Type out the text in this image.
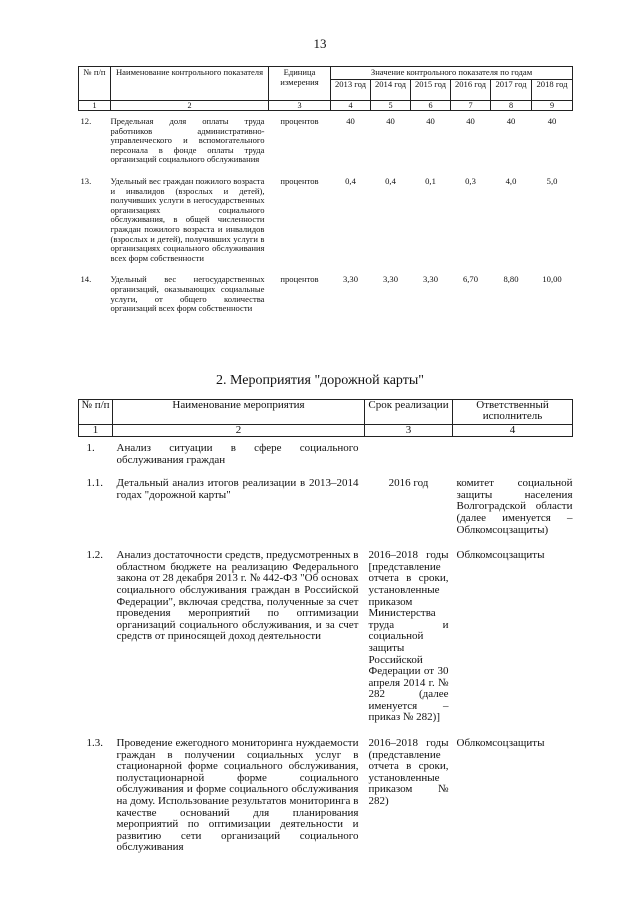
13
№ п/п	Наименование контрольного показателя	Единица измерения	Значение контрольного показателя по годам					
			2013 год	2014 год	2015 год	2016 год	2017 год	2018 год
1	2	3	4	5	6	7	8	9

12.	Предельная доля оплаты труда работников административно-управленческого и вспомогательного персонала в фонде оплаты труда организаций социального обслуживания	процентов	40	40	40	40	40	40

13.	Удельный вес граждан пожилого возраста и инвалидов (взрослых и детей), получивших услуги в негосударственных организациях социального обслуживания, в общей численности граждан пожилого возраста и инвалидов (взрослых и детей), получивших услуги в организациях социального обслуживания всех форм собственности	процентов	0,4	0,4	0,1	0,3	4,0	5,0

14.	Удельный вес негосударственных организаций, оказывающих социальные услуги, от общего количества организаций всех форм собственности	процентов	3,30	3,30	3,30	6,70	8,80	10,00
2. Мероприятия "дорожной карты"
№ п/п	Наименование мероприятия	Срок реализации	Ответственный исполнитель
1	2	3	4

1.	Анализ ситуации в сфере социального обслуживания граждан		

1.1.	Детальный анализ итогов реализации в 2013–2014 годах "дорожной карты"	2016 год	комитет социальной защиты населения Волгоградской области (далее именуется – Облкомсоцзащиты)

1.2.	Анализ достаточности средств, предусмотренных в областном бюджете на реализацию Федерального закона от 28 декабря 2013 г. № 442-ФЗ "Об основах социального обслуживания граждан в Российской Федерации", включая средства, полученные за счет проведения мероприятий по оптимизации организаций социального обслуживания, и за счет средств от приносящей доход деятельности	2016–2018 годы [представление отчета в сроки, установленные приказом Министерства труда и социальной защиты Российской Федерации от 30 апреля 2014 г. № 282 (далее именуется – приказ № 282)]	Облкомсоцзащиты

1.3.	Проведение ежегодного мониторинга нуждаемости граждан в получении социальных услуг в стационарной форме социального обслуживания, полустационарной форме социального обслуживания и форме социального обслуживания на дому. Использование результатов мониторинга в качестве оснований для планирования мероприятий по оптимизации деятельности и развитию сети организаций социального обслуживания	2016–2018 годы (представление отчета в сроки, установленные приказом № 282)	Облкомсоцзащиты
